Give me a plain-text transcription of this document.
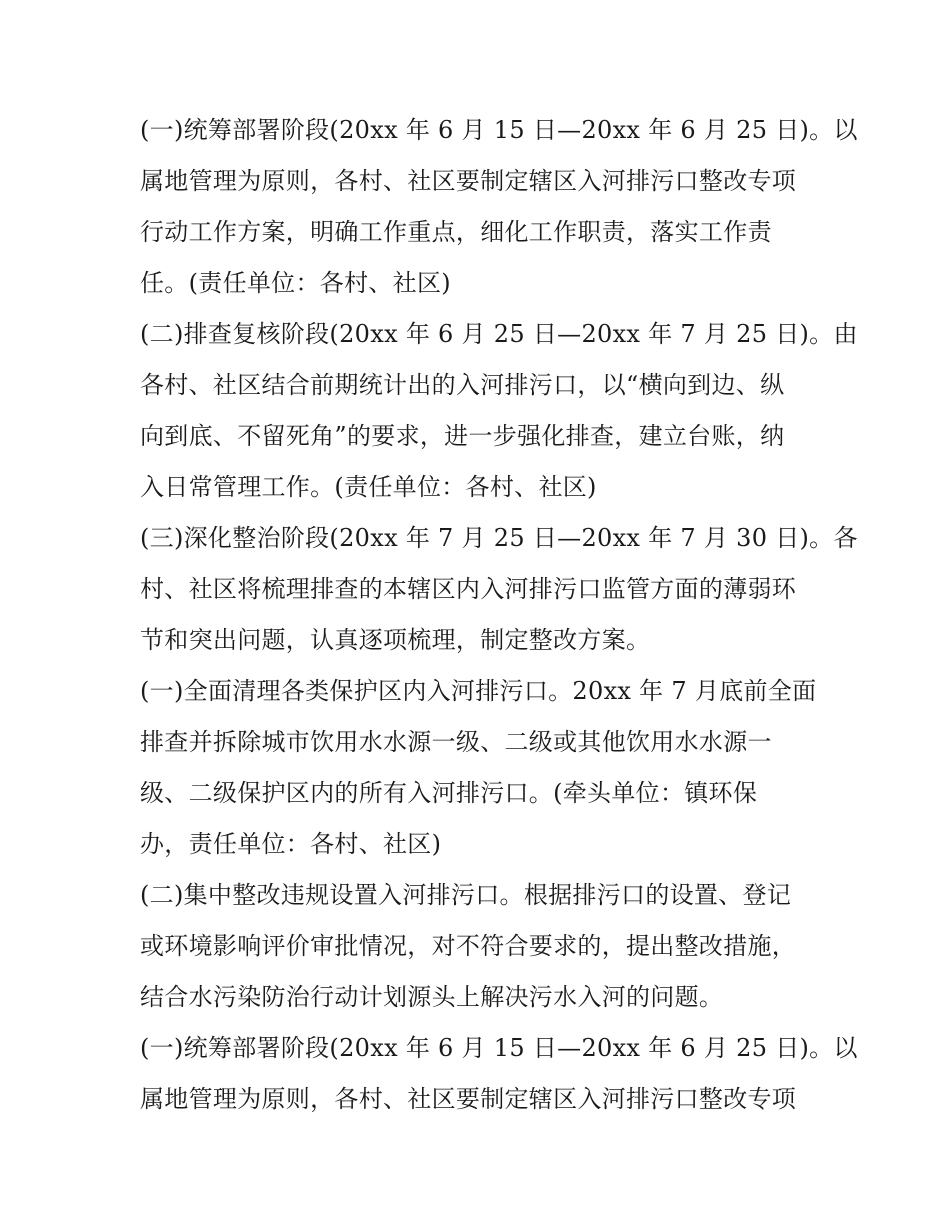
(一)统筹部署阶段(20xx 年 6 月 15 日—20xx 年 6 月 25 日)。以
属地管理为原则，各村、社区要制定辖区入河排污口整改专项
行动工作方案，明确工作重点，细化工作职责，落实工作责
任。(责任单位：各村、社区)
(二)排查复核阶段(20xx 年 6 月 25 日—20xx 年 7 月 25 日)。由
各村、社区结合前期统计出的入河排污口，以“横向到边、纵
向到底、不留死角”的要求，进一步强化排查，建立台账，纳
入日常管理工作。(责任单位：各村、社区)
(三)深化整治阶段(20xx 年 7 月 25 日—20xx 年 7 月 30 日)。各
村、社区将梳理排查的本辖区内入河排污口监管方面的薄弱环
节和突出问题，认真逐项梳理，制定整改方案。
(一)全面清理各类保护区内入河排污口。20xx 年 7 月底前全面
排查并拆除城市饮用水水源一级、二级或其他饮用水水源一
级、二级保护区内的所有入河排污口。(牵头单位：镇环保
办，责任单位：各村、社区)
(二)集中整改违规设置入河排污口。根据排污口的设置、登记
或环境影响评价审批情况，对不符合要求的，提出整改措施，
结合水污染防治行动计划源头上解决污水入河的问题。
(一)统筹部署阶段(20xx 年 6 月 15 日—20xx 年 6 月 25 日)。以
属地管理为原则，各村、社区要制定辖区入河排污口整改专项
